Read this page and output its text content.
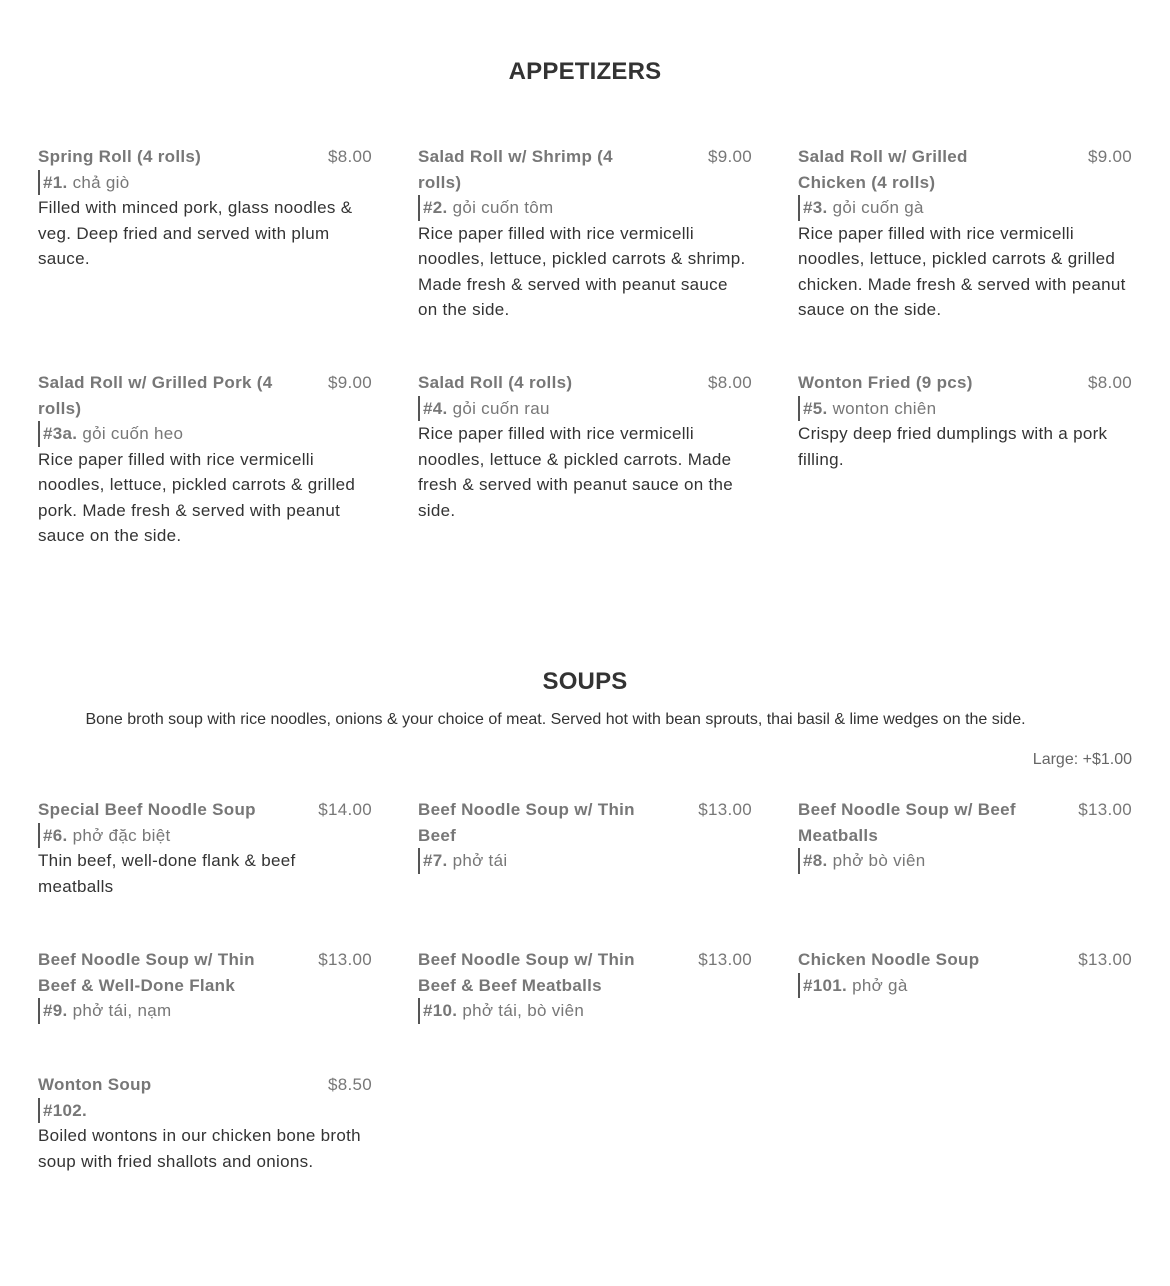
APPETIZERS
Spring Roll (4 rolls)	$8.00
#1. chả giò

Filled with minced pork, glass noodles & veg. Deep fried and served with plum sauce.

Salad Roll w/ Shrimp (4 rolls)
$9.00
#2. gỏi cuốn tôm

Rice paper filled with rice vermicelli noodles, lettuce, pickled carrots & shrimp. Made fresh & served with peanut sauce on the side.

Salad Roll w/ Grilled Chicken (4 rolls)
$9.00
#3. gỏi cuốn gà

Rice paper filled with rice vermicelli noodles, lettuce, pickled carrots & grilled chicken. Made fresh & served with peanut sauce on the side.

Salad Roll w/ Grilled Pork (4 rolls)
$9.00
#3a. gỏi cuốn heo

Rice paper filled with rice vermicelli noodles, lettuce, pickled carrots & grilled pork. Made fresh & served with peanut sauce on the side.

Salad Roll (4 rolls)	$8.00
#4. gỏi cuốn rau

Rice paper filled with rice vermicelli noodles, lettuce & pickled carrots. Made fresh & served with peanut sauce on the side.

Wonton Fried (9 pcs)	$8.00
#5. wonton chiên

Crispy deep fried dumplings with a pork filling.

SOUPS

Bone broth soup with rice noodles, onions & your choice of meat. Served hot with bean sprouts, thai basil & lime wedges on the side.

Large: +$1.00

Special Beef Noodle Soup	$14.00
#6. phở đặc biệt

Thin beef, well-done flank & beef meatballs

Beef Noodle Soup w/ Thin Beef
$13.00
#7. phở tái
Beef Noodle Soup w/ Beef Meatballs
$13.00
#8. phở bò viên
Beef Noodle Soup w/ Thin Beef & Well-Done Flank
$13.00
#9. phở tái, nạm
Beef Noodle Soup w/ Thin Beef & Beef Meatballs
$13.00
#10. phở tái, bò viên
Chicken Noodle Soup	$13.00
#101. phở gà
Wonton Soup	$8.50
#102.

Boiled wontons in our chicken bone broth soup with fried shallots and onions.
